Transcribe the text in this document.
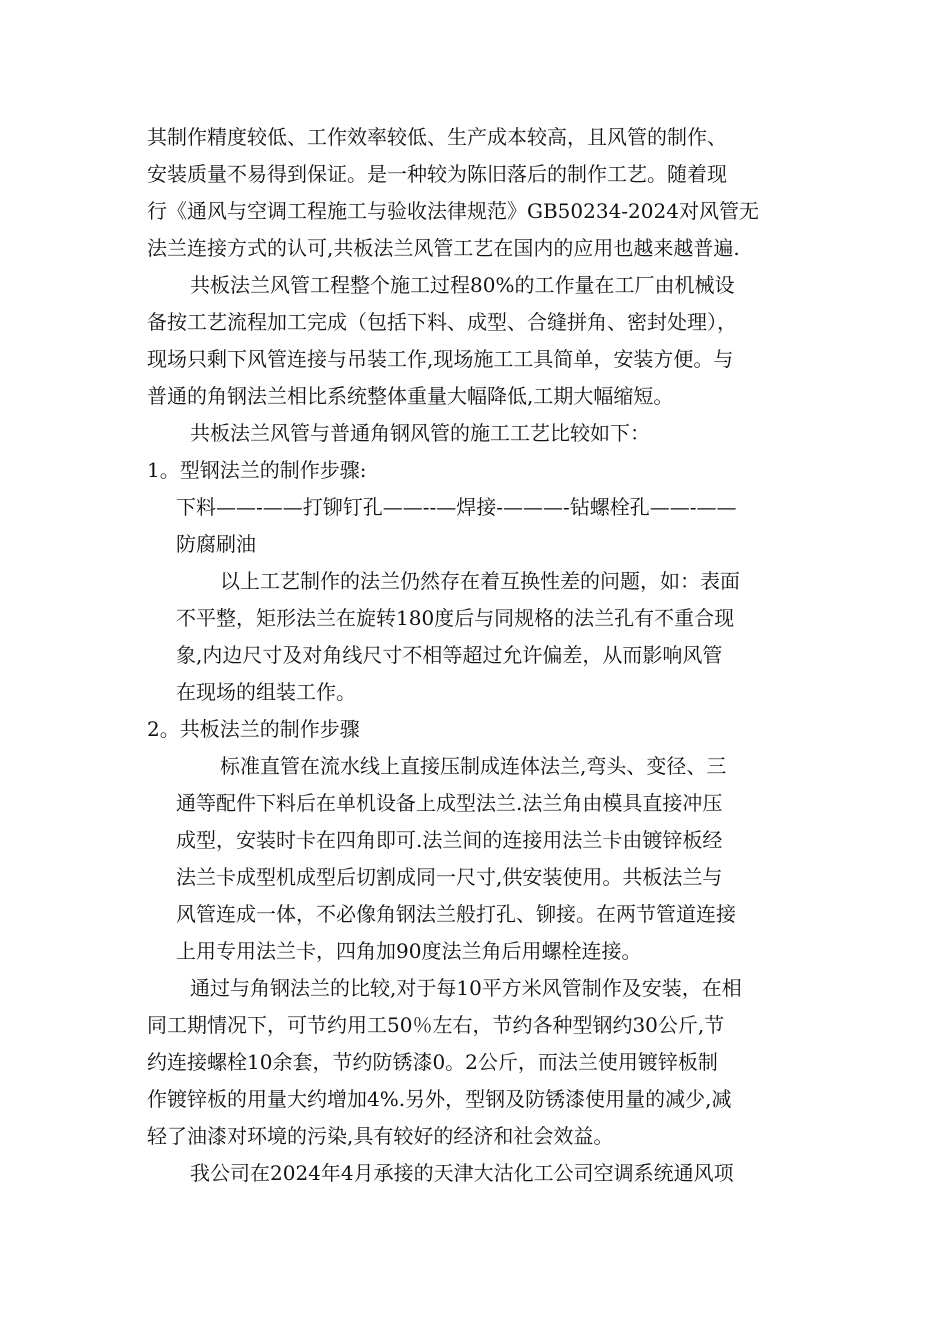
其制作精度较低、工作效率较低、生产成本较高，且风管的制作、
安装质量不易得到保证。是一种较为陈旧落后的制作工艺。随着现
行《通风与空调工程施工与验收法律规范》GB50234-2024对风管无
法兰连接方式的认可,共板法兰风管工艺在国内的应用也越来越普遍.
共板法兰风管工程整个施工过程80%的工作量在工厂由机械设
备按工艺流程加工完成（包括下料、成型、合缝拼角、密封处理），
现场只剩下风管连接与吊装工作,现场施工工具简单，安装方便。与
普通的角钢法兰相比系统整体重量大幅降低,工期大幅缩短。
共板法兰风管与普通角钢风管的施工工艺比较如下：
1。型钢法兰的制作步骤:
下料——-——打铆钉孔——--—焊接-———-钻螺栓孔——-——
防腐刷油
以上工艺制作的法兰仍然存在着互换性差的问题，如：表面
不平整，矩形法兰在旋转180度后与同规格的法兰孔有不重合现
象,内边尺寸及对角线尺寸不相等超过允许偏差，从而影响风管
在现场的组装工作。
2。共板法兰的制作步骤
标准直管在流水线上直接压制成连体法兰,弯头、变径、三
通等配件下料后在单机设备上成型法兰.法兰角由模具直接冲压
成型，安装时卡在四角即可.法兰间的连接用法兰卡由镀锌板经
法兰卡成型机成型后切割成同一尺寸,供安装使用。共板法兰与
风管连成一体，不必像角钢法兰般打孔、铆接。在两节管道连接
上用专用法兰卡，四角加90度法兰角后用螺栓连接。
通过与角钢法兰的比较,对于每10平方米风管制作及安装，在相
同工期情况下，可节约用工50％左右，节约各种型钢约30公斤,节
约连接螺栓10余套，节约防锈漆0。2公斤，而法兰使用镀锌板制
作镀锌板的用量大约增加4%.另外，型钢及防锈漆使用量的减少,减
轻了油漆对环境的污染,具有较好的经济和社会效益。
我公司在2024年4月承接的天津大沽化工公司空调系统通风项
